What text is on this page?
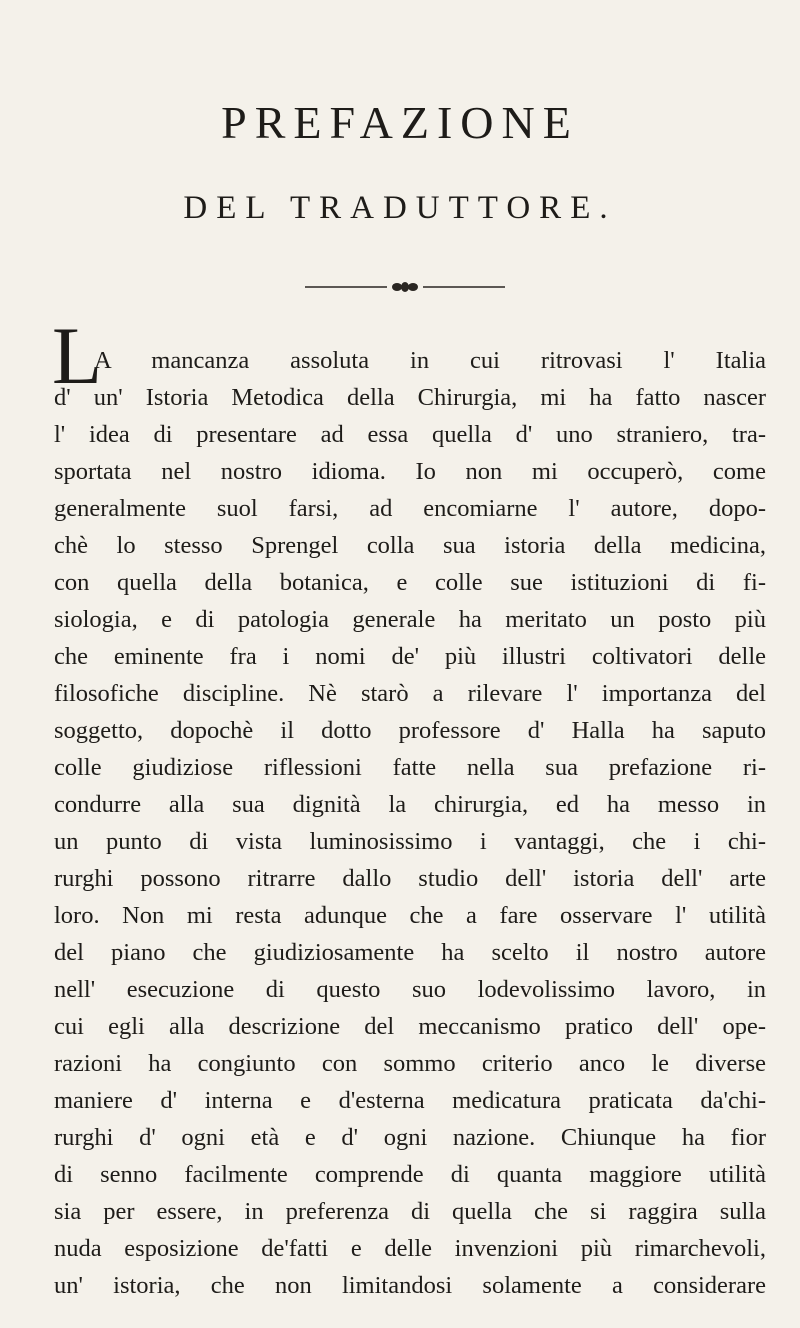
PREFAZIONE
DEL TRADUTTORE.
L
A mancanza assoluta in cui ritrovasi l' Italia
d' un' Istoria Metodica della Chirurgia, mi ha fatto nascer
l' idea di presentare ad essa quella d' uno straniero, tra-
sportata nel nostro idioma. Io non mi occuperò, come
generalmente suol farsi, ad encomiarne l' autore, dopo-
chè lo stesso Sprengel colla sua istoria della medicina,
con quella della botanica, e colle sue istituzioni di fi-
siologia, e di patologia generale ha meritato un posto più
che eminente fra i nomi de' più illustri coltivatori delle
filosofiche discipline. Nè starò a rilevare l' importanza del
soggetto, dopochè il dotto professore d' Halla ha saputo
colle giudiziose riflessioni fatte nella sua prefazione ri-
condurre alla sua dignità la chirurgia, ed ha messo in
un punto di vista luminosissimo i vantaggi, che i chi-
rurghi possono ritrarre dallo studio dell' istoria dell' arte
loro. Non mi resta adunque che a fare osservare l' utilità
del piano che giudiziosamente ha scelto il nostro autore
nell' esecuzione di questo suo lodevolissimo lavoro, in
cui egli alla descrizione del meccanismo pratico dell' ope-
razioni ha congiunto con sommo criterio anco le diverse
maniere d' interna e d'esterna medicatura praticata da'chi-
rurghi d' ogni età e d' ogni nazione. Chiunque ha fior
di senno facilmente comprende di quanta maggiore utilità
sia per essere, in preferenza di quella che si raggira sulla
nuda esposizione de'fatti e delle invenzioni più rimarchevoli,
un' istoria, che non limitandosi solamente a considerare
